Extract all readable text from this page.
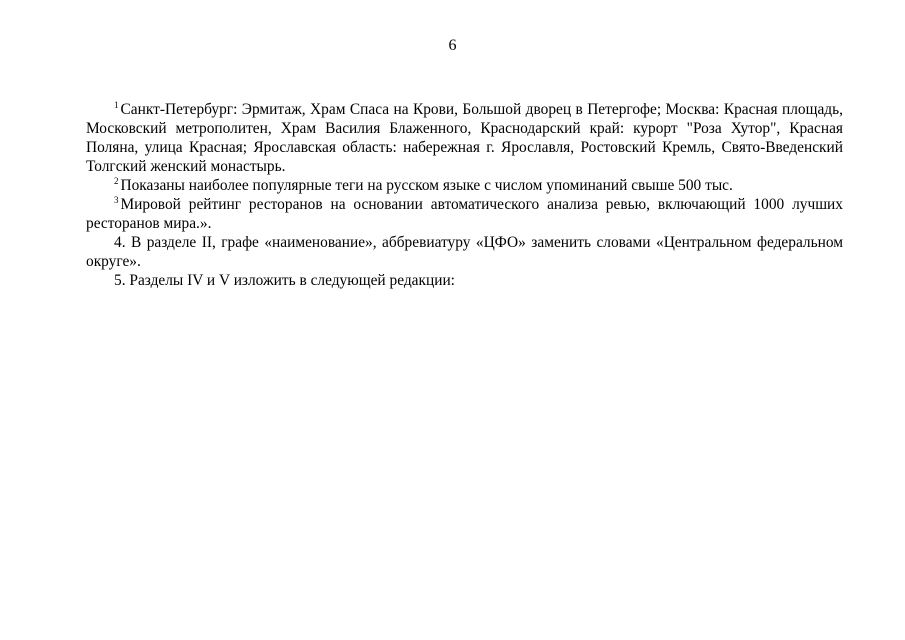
6

$^1$ Санкт-Петербург: Эрмитаж, Храм Спаса на Крови, Большой дворец в Петергофе; Москва: Красная площадь, Московский метрополитен, Храм Василия Блаженного, Краснодарский край: курорт "Роза Хутор", Красная Поляна, улица Красная; Ярославская область: набережная г. Ярославля, Ростовский Кремль, Свято-Введенский Толгский женский монастырь.

$^2$ Показаны наиболее популярные теги на русском языке с числом упоминаний свыше 500 тыс.

$^3$ Мировой рейтинг ресторанов на основании автоматического анализа ревью, включающий 1000 лучших ресторанов мира.».

4. В разделе II, графе «наименование», аббревиатуру «ЦФО» заменить словами «Центральном федеральном округе».

5. Разделы IV и V изложить в следующей редакции:
